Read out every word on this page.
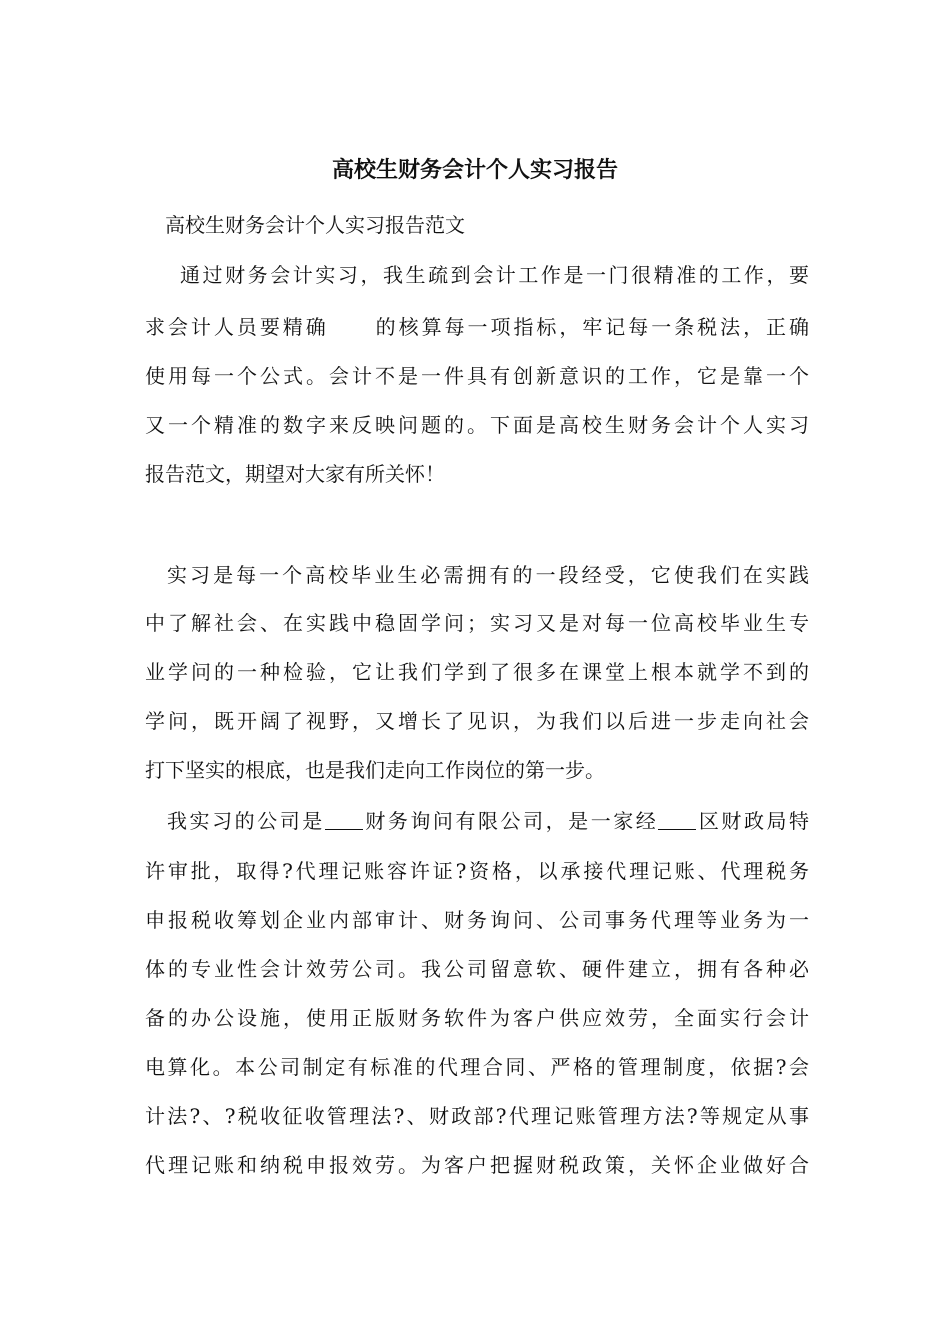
高校生财务会计个人实习报告
高校生财务会计个人实习报告范文
通过财务会计实习，我生疏到会计工作是一门很精准的工作，要
求会计人员要精确 的核算每一项指标，牢记每一条税法，正确
使用每一个公式。会计不是一件具有创新意识的工作，它是靠一个
又一个精准的数字来反映问题的。下面是高校生财务会计个人实习
报告范文，期望对大家有所关怀！
实习是每一个高校毕业生必需拥有的一段经受，它使我们在实践
中了解社会、在实践中稳固学问；实习又是对每一位高校毕业生专
业学问的一种检验，它让我们学到了很多在课堂上根本就学不到的
学问，既开阔了视野，又增长了见识，为我们以后进一步走向社会
打下坚实的根底，也是我们走向工作岗位的第一步。
我实习的公司是 财务询问有限公司，是一家经 区财政局特
许审批，取得?代理记账容许证?资格，以承接代理记账、代理税务
申报税收筹划企业内部审计、财务询问、公司事务代理等业务为一
体的专业性会计效劳公司。我公司留意软、硬件建立，拥有各种必
备的办公设施，使用正版财务软件为客户供应效劳，全面实行会计
电算化。本公司制定有标准的代理合同、严格的管理制度，依据?会
计法?、?税收征收管理法?、财政部?代理记账管理方法?等规定从事
代理记账和纳税申报效劳。为客户把握财税政策，关怀企业做好合
